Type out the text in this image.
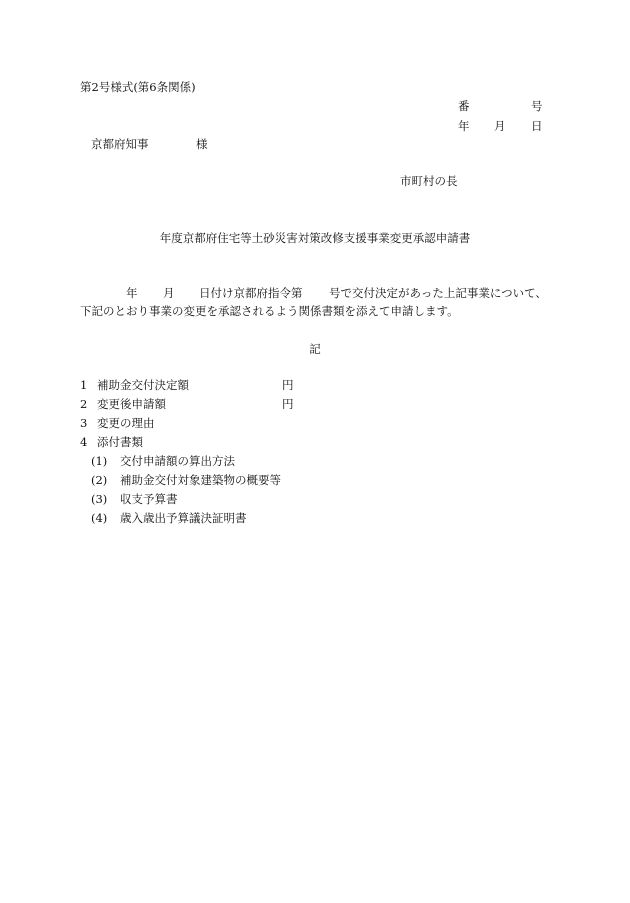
第2号様式(第6条関係)
番	号
年 月 日
京都府知事	様
市町村の長
年度京都府住宅等土砂災害対策改修支援事業変更承認申請書
年 月 日付け京都府指令第 号で交付決定があった上記事業について、
下記のとおり事業の変更を承認されるよう関係書類を添えて申請します。
記
1 補助金交付決定額	円
2 変更後申請額	円
3 変更の理由
4 添付書類
(1) 交付申請額の算出方法
(2) 補助金交付対象建築物の概要等
(3) 収支予算書
(4) 歳入歳出予算議決証明書
